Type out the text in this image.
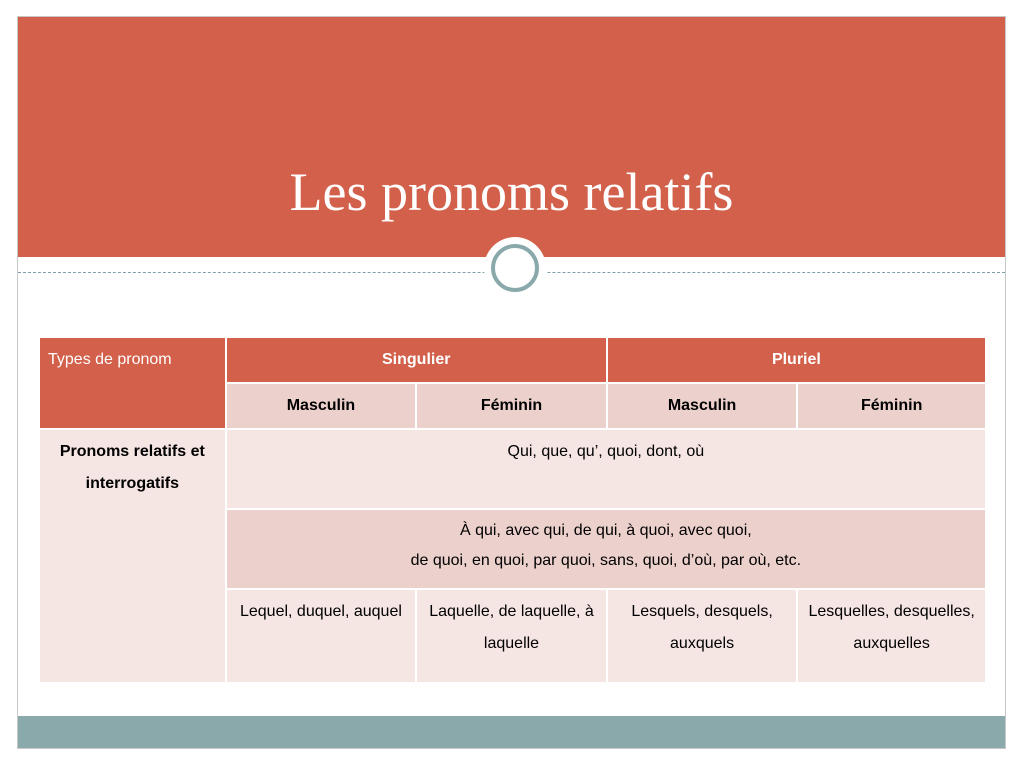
Les pronoms relatifs
Types de pronom	Singulier		Pluriel	
	Masculin	Féminin	Masculin	Féminin
Pronoms relatifs et interrogatifs	Qui, que, qu’, quoi, dont, où			

	À qui, avec qui, de qui, à quoi, avec quoi,
de quoi, en quoi, par quoi, sans, quoi, d’où, par où, etc.			

	Lequel, duquel, auquel	Laquelle, de laquelle, à laquelle	Lesquels, desquels, auxquels	Lesquelles, desquelles, auxquelles
